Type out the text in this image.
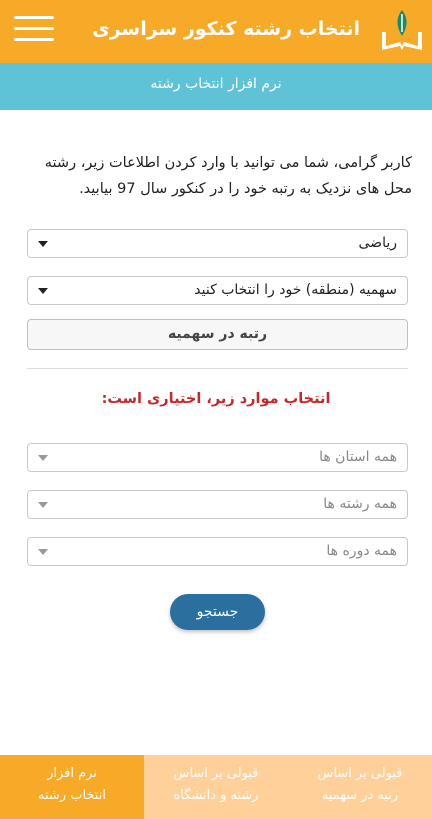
انتخاب رشته کنکور سراسری
نرم افزار انتخاب رشته
کاربر گرامی، شما می توانید با وارد کردن اطلاعات زیر، رشته محل های نزدیک به رتبه خود را در کنکور سال 97 بیابید.
ریاضی
سهمیه (منطقه) خود را انتخاب کنید
رتبه در سهمیه
انتخاب موارد زیر، اختیاری است:
همه استان ها
همه رشته ها
همه دوره ها
جستجو
قبولی بر اساس
رتبه در سهمیه
قبولی بر اساس
رشته و دانشگاه
نرم افزار
انتخاب رشته
